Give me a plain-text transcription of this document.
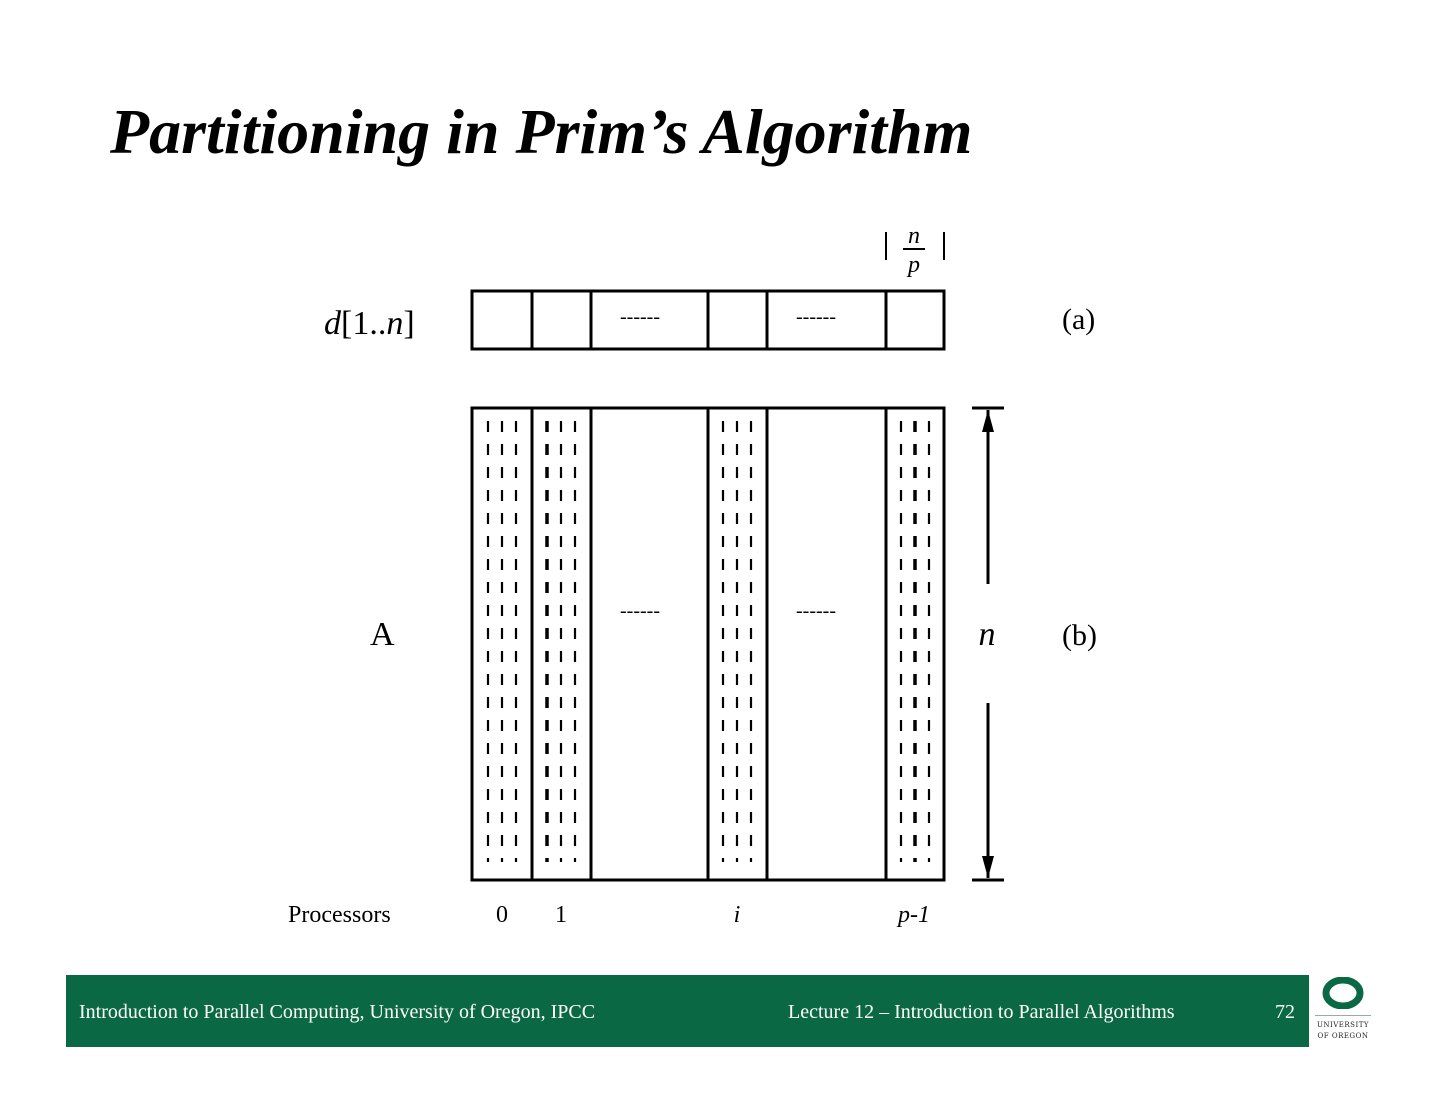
Partitioning in Prim’s Algorithm
n
p
d[1..n]	------	------	(a)
A
------	------
n (b)
Processors	0 1	i	p-1
Introduction to Parallel Computing, University of Oregon, IPCC	Lecture 12 – Introduction to Parallel Algorithms	72
UNIVERSITY
OF OREGON
